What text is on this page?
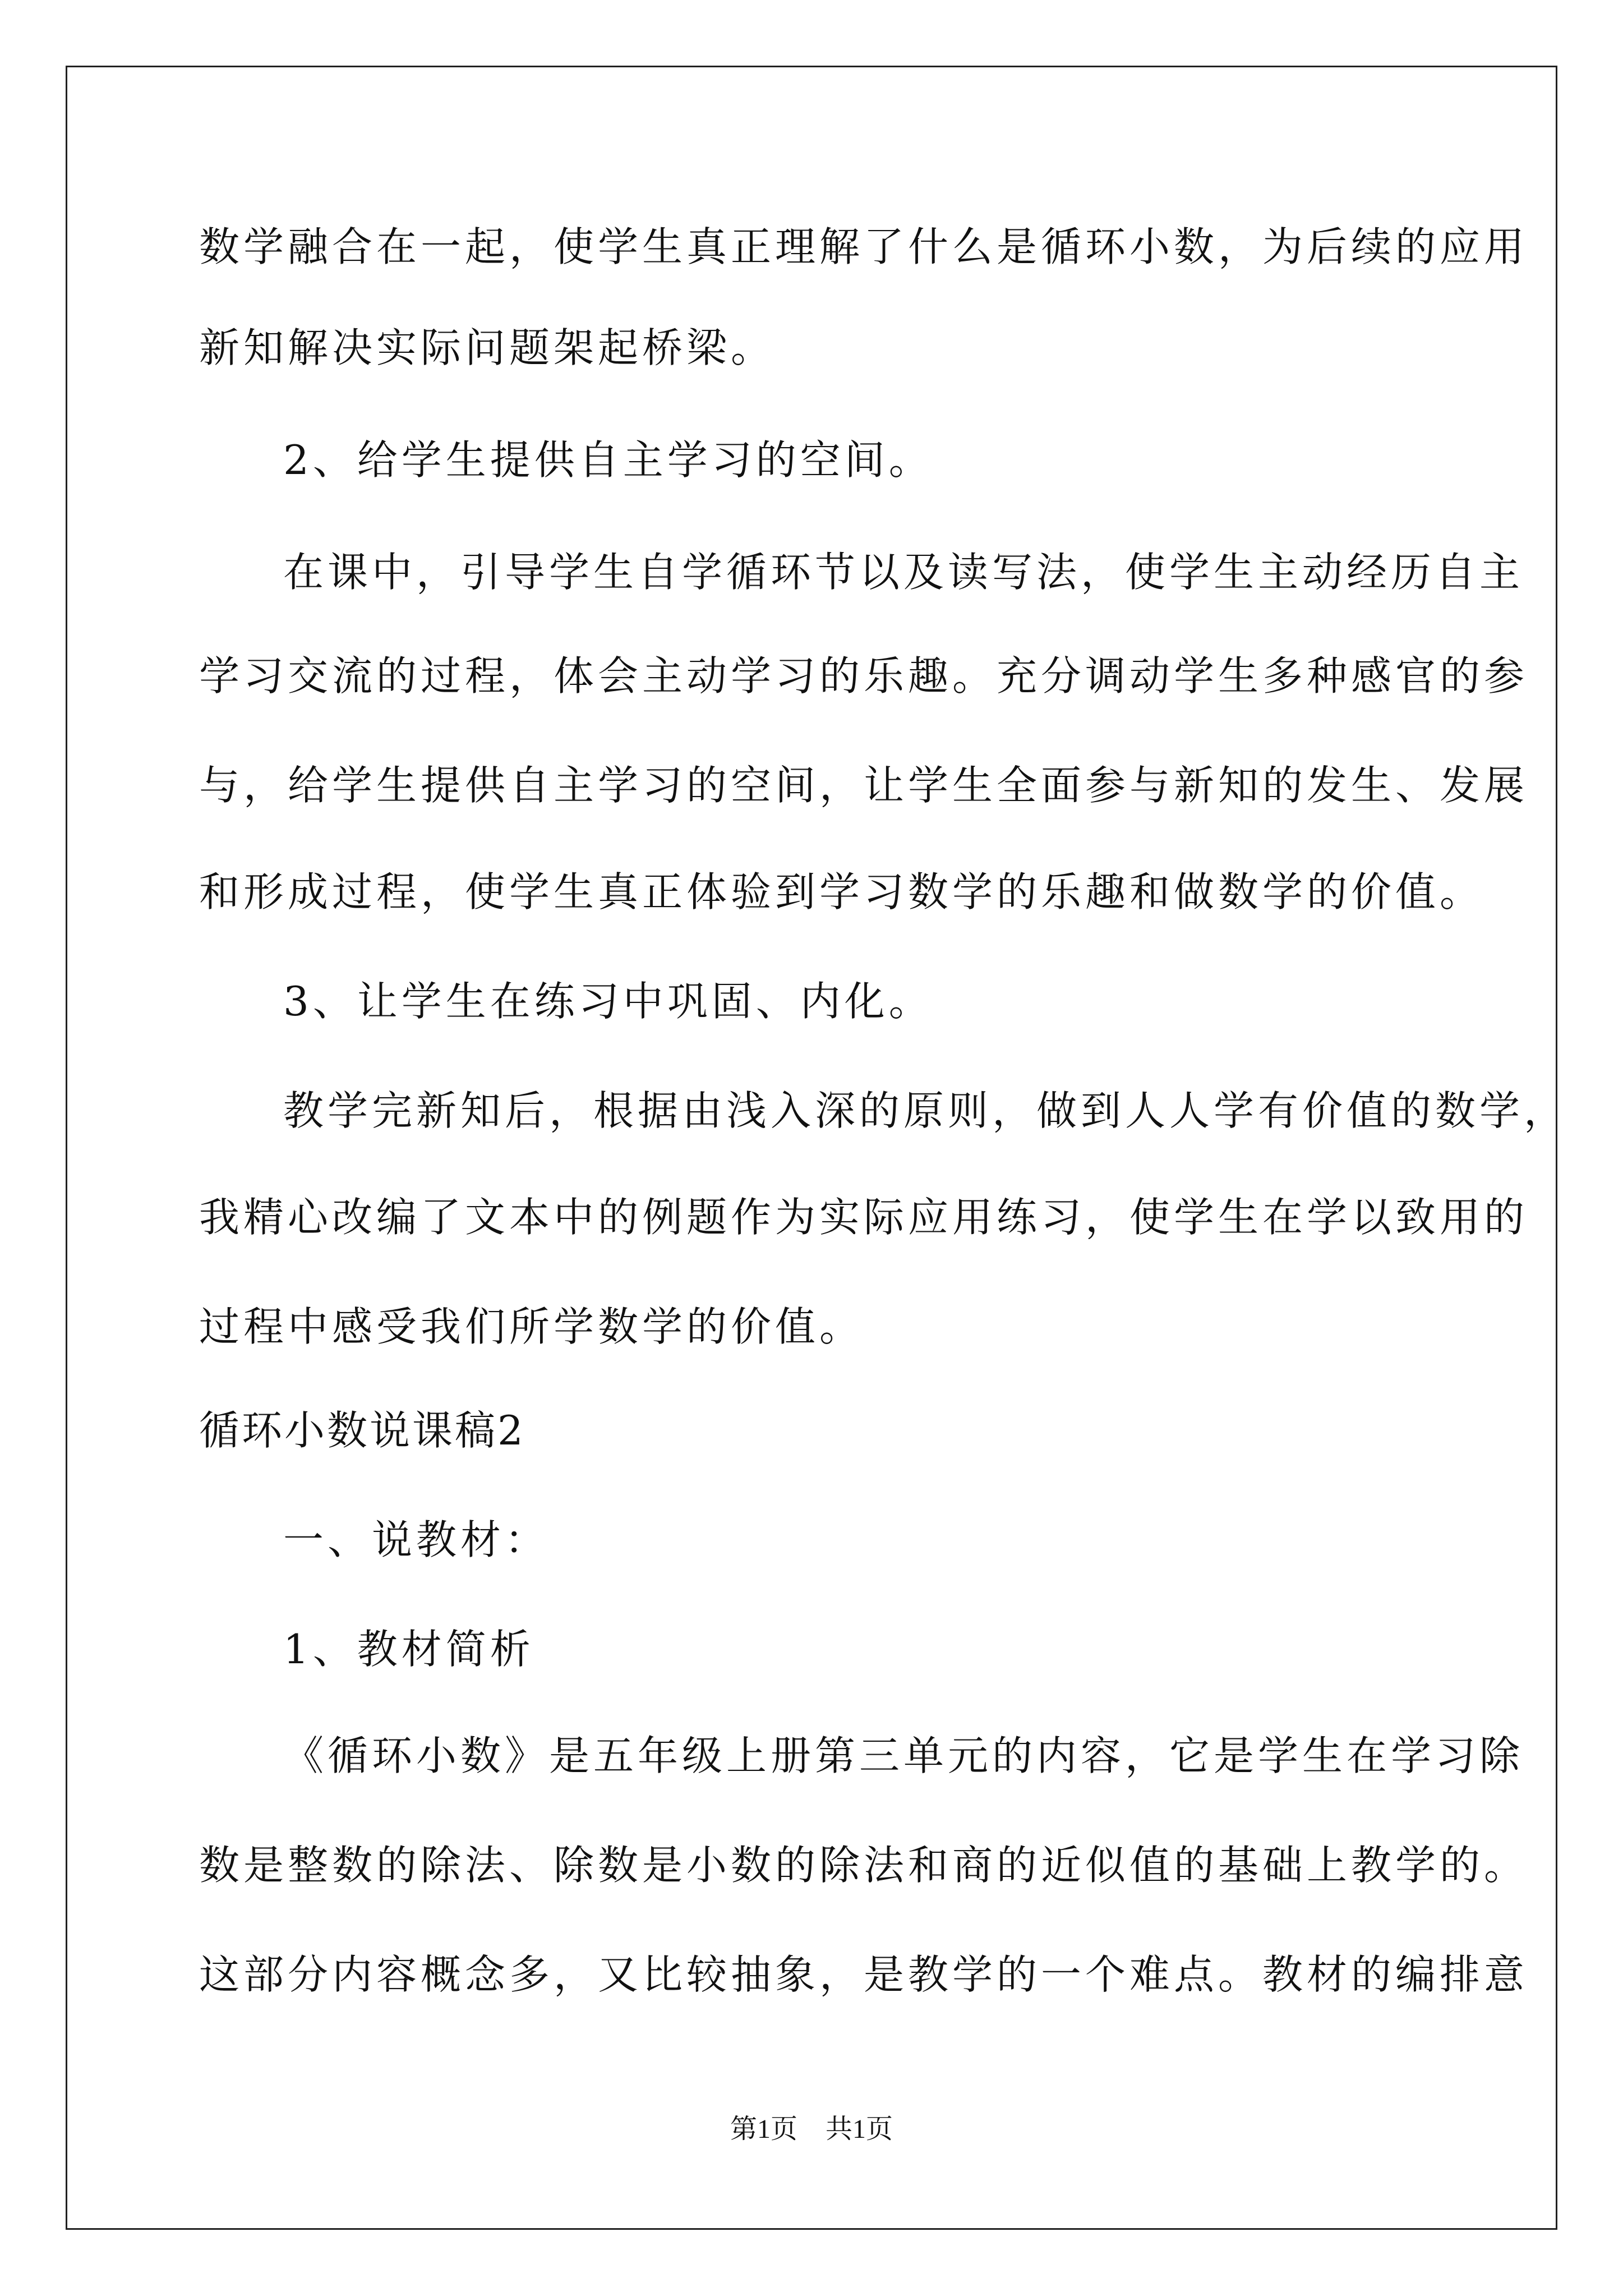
数学融合在一起，使学生真正理解了什么是循环小数，为后续的应用
新知解决实际问题架起桥梁。
2、给学生提供自主学习的空间。
在课中，引导学生自学循环节以及读写法，使学生主动经历自主
学习交流的过程，体会主动学习的乐趣。充分调动学生多种感官的参
与，给学生提供自主学习的空间，让学生全面参与新知的发生、发展
和形成过程，使学生真正体验到学习数学的乐趣和做数学的价值。
3、让学生在练习中巩固、内化。
教学完新知后，根据由浅入深的原则，做到人人学有价值的数学，
我精心改编了文本中的例题作为实际应用练习，使学生在学以致用的
过程中感受我们所学数学的价值。
循环小数说课稿2
一、说教材：
1、教材简析
《循环小数》是五年级上册第三单元的内容，它是学生在学习除
数是整数的除法、除数是小数的除法和商的近似值的基础上教学的。
这部分内容概念多，又比较抽象，是教学的一个难点。教材的编排意
第1页 共1页
